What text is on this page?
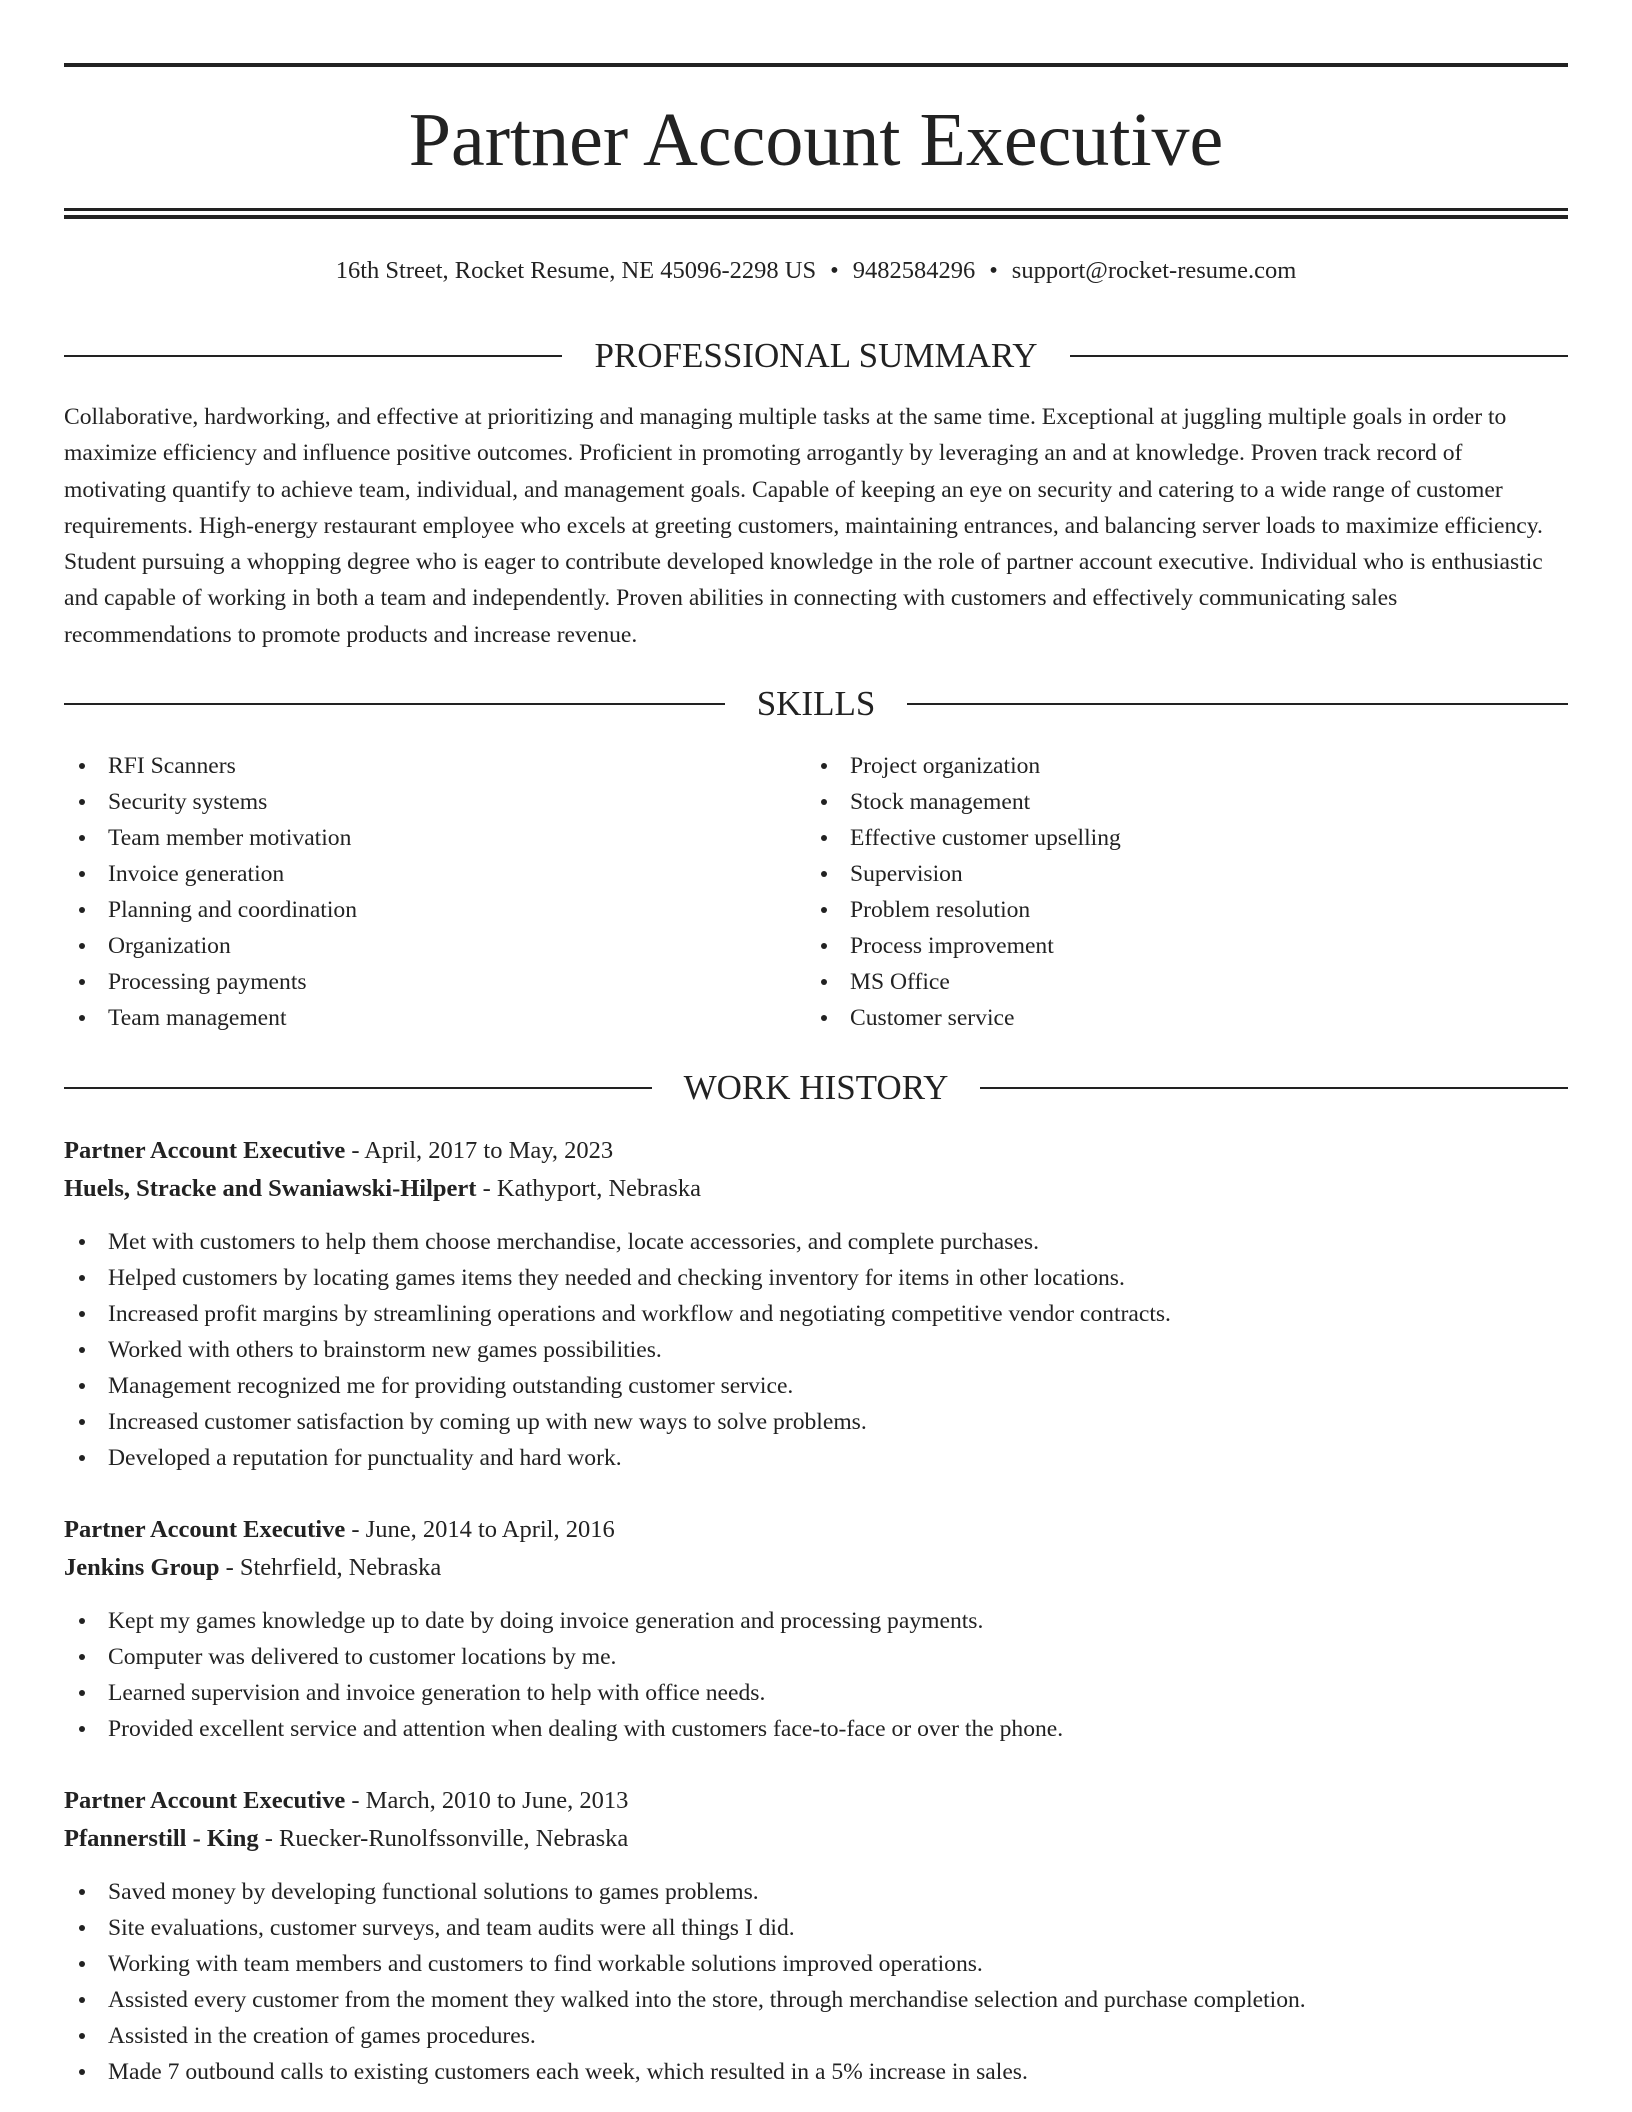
Partner Account Executive
16th Street, Rocket Resume, NE 45096-2298 US • 9482584296 • support@rocket-resume.com
PROFESSIONAL SUMMARY

Collaborative, hardworking, and effective at prioritizing and managing multiple tasks at the same time. Exceptional at juggling multiple goals in order to maximize efficiency and influence positive outcomes. Proficient in promoting arrogantly by leveraging an and at knowledge. Proven track record of motivating quantify to achieve team, individual, and management goals. Capable of keeping an eye on security and catering to a wide range of customer requirements. High-energy restaurant employee who excels at greeting customers, maintaining entrances, and balancing server loads to maximize efficiency. Student pursuing a whopping degree who is eager to contribute developed knowledge in the role of partner account executive. Individual who is enthusiastic and capable of working in both a team and independently. Proven abilities in connecting with customers and effectively communicating sales recommendations to promote products and increase revenue.

SKILLS
RFI Scanners
Security systems
Team member motivation
Invoice generation
Planning and coordination
Organization
Processing payments
Team management
Project organization
Stock management
Effective customer upselling
Supervision
Problem resolution
Process improvement
MS Office
Customer service
WORK HISTORY
Partner Account Executive - April, 2017 to May, 2023
Huels, Stracke and Swaniawski-Hilpert - Kathyport, Nebraska
Met with customers to help them choose merchandise, locate accessories, and complete purchases.
Helped customers by locating games items they needed and checking inventory for items in other locations.
Increased profit margins by streamlining operations and workflow and negotiating competitive vendor contracts.
Worked with others to brainstorm new games possibilities.
Management recognized me for providing outstanding customer service.
Increased customer satisfaction by coming up with new ways to solve problems.
Developed a reputation for punctuality and hard work.
Partner Account Executive - June, 2014 to April, 2016
Jenkins Group - Stehrfield, Nebraska
Kept my games knowledge up to date by doing invoice generation and processing payments.
Computer was delivered to customer locations by me.
Learned supervision and invoice generation to help with office needs.
Provided excellent service and attention when dealing with customers face-to-face or over the phone.
Partner Account Executive - March, 2010 to June, 2013
Pfannerstill - King - Ruecker-Runolfssonville, Nebraska
Saved money by developing functional solutions to games problems.
Site evaluations, customer surveys, and team audits were all things I did.
Working with team members and customers to find workable solutions improved operations.
Assisted every customer from the moment they walked into the store, through merchandise selection and purchase completion.
Assisted in the creation of games procedures.
Made 7 outbound calls to existing customers each week, which resulted in a 5% increase in sales.
